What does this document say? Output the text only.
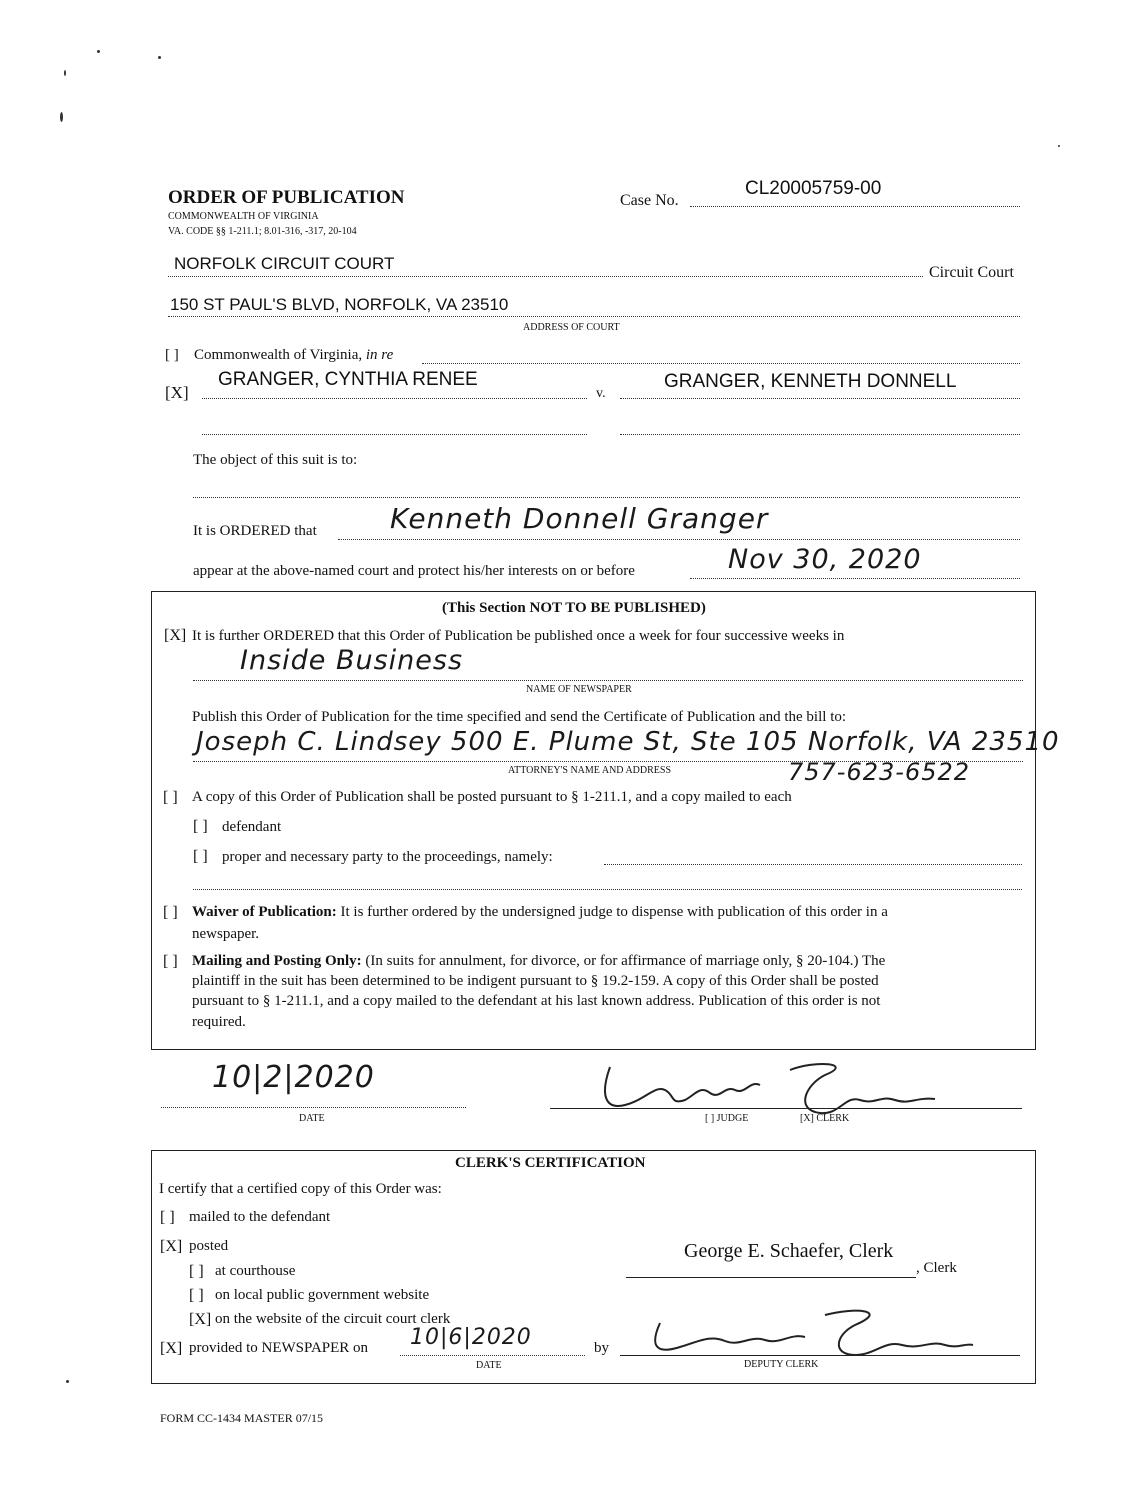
ORDER OF PUBLICATION
COMMONWEALTH OF VIRGINIA
VA. CODE §§ 1-211.1; 8.01-316, -317, 20-104
Case No.
CL20005759-00
NORFOLK CIRCUIT COURT	Circuit Court
150 ST PAUL'S BLVD, NORFOLK, VA 23510
ADDRESS OF COURT
[ ] Commonwealth of Virginia, in re
[X]
GRANGER, CYNTHIA RENEE
v.
GRANGER, KENNETH DONNELL
The object of this suit is to:
It is ORDERED that	Kenneth Donnell Granger
appear at the above-named court and protect his/her interests on or before	Nov 30, 2020
(This Section NOT TO BE PUBLISHED)
[X] It is further ORDERED that this Order of Publication be published once a week for four successive weeks in
Inside Business
NAME OF NEWSPAPER
Publish this Order of Publication for the time specified and send the Certificate of Publication and the bill to:
Joseph C. Lindsey 500 E. Plume St, Ste 105 Norfolk, VA 23510
ATTORNEY'S NAME AND ADDRESS	757-623-6522
[ ] A copy of this Order of Publication shall be posted pursuant to § 1-211.1, and a copy mailed to each
[ ] defendant
[ ] proper and necessary party to the proceedings, namely:
[ ] Waiver of Publication: It is further ordered by the undersigned judge to dispense with publication of this order in a
newspaper.
[ ] Mailing and Posting Only: (In suits for annulment, for divorce, or for affirmance of marriage only, § 20-104.) The
plaintiff in the suit has been determined to be indigent pursuant to § 19.2-159. A copy of this Order shall be posted
pursuant to § 1-211.1, and a copy mailed to the defendant at his last known address. Publication of this order is not
required.
10|2|2020
DATE	[ ] JUDGE	[X] CLERK
CLERK'S CERTIFICATION
I certify that a certified copy of this Order was:
[ ] mailed to the defendant
[X] posted
[ ] at courthouse
[ ] on local public government website
[X] on the website of the circuit court clerk
[X] provided to NEWSPAPER on 10|6|2020
DATE
by
George E. Schaefer, Clerk
, Clerk
DEPUTY CLERK
FORM CC-1434 MASTER 07/15
